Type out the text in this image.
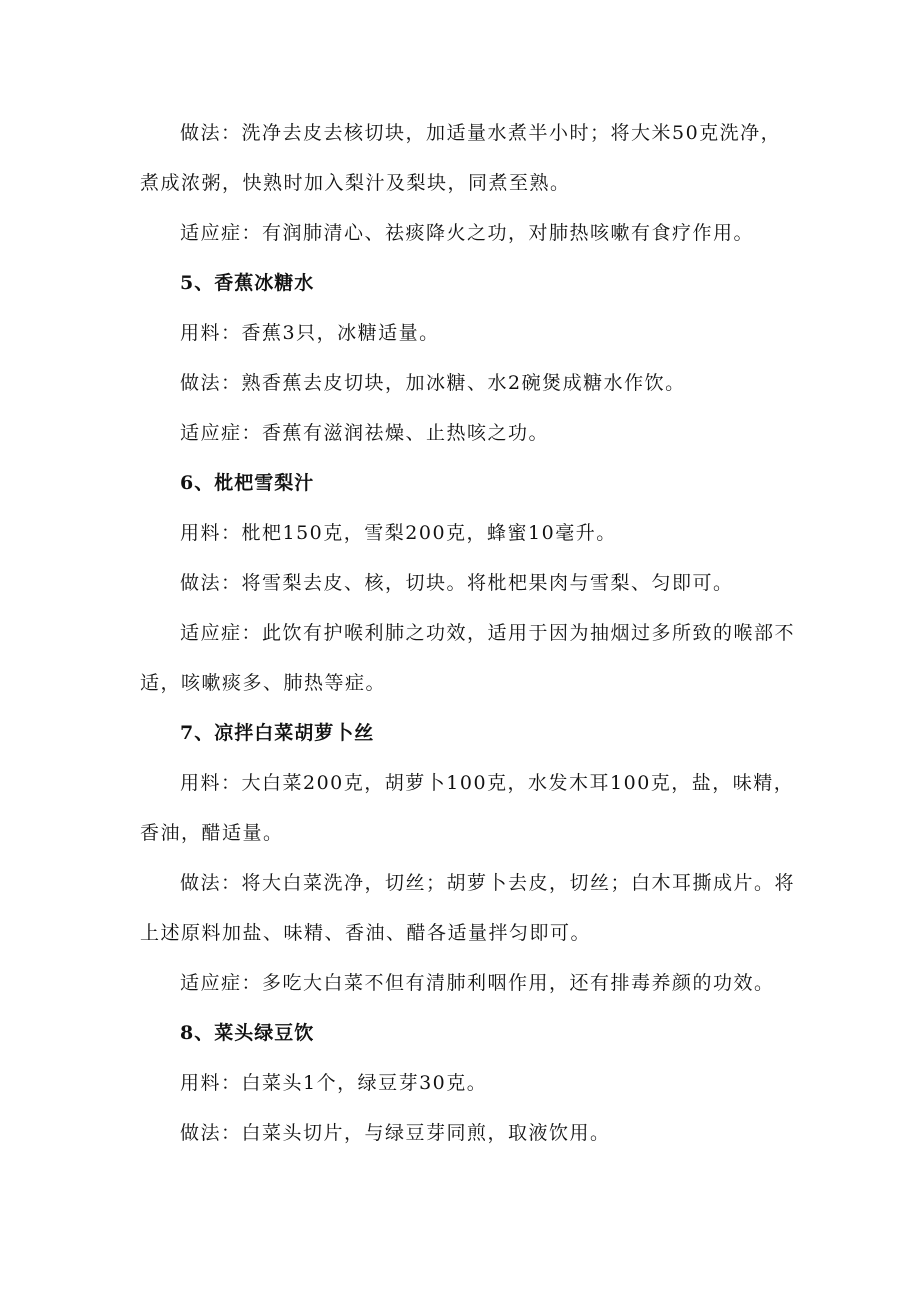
做法：洗净去皮去核切块，加适量水煮半小时；将大米50克洗净，
煮成浓粥，快熟时加入梨汁及梨块，同煮至熟。
适应症：有润肺清心、祛痰降火之功，对肺热咳嗽有食疗作用。
5、香蕉冰糖水
用料：香蕉3只，冰糖适量。
做法：熟香蕉去皮切块，加冰糖、水2碗煲成糖水作饮。
适应症：香蕉有滋润祛燥、止热咳之功。
6、枇杷雪梨汁
用料：枇杷150克，雪梨200克，蜂蜜10毫升。
做法：将雪梨去皮、核，切块。将枇杷果肉与雪梨、匀即可。
适应症：此饮有护喉利肺之功效，适用于因为抽烟过多所致的喉部不
适，咳嗽痰多、肺热等症。
7、凉拌白菜胡萝卜丝
用料：大白菜200克，胡萝卜100克，水发木耳100克，盐，味精，
香油，醋适量。
做法：将大白菜洗净，切丝；胡萝卜去皮，切丝；白木耳撕成片。将
上述原料加盐、味精、香油、醋各适量拌匀即可。
适应症：多吃大白菜不但有清肺利咽作用，还有排毒养颜的功效。
8、菜头绿豆饮
用料：白菜头1个，绿豆芽30克。
做法：白菜头切片，与绿豆芽同煎，取液饮用。
